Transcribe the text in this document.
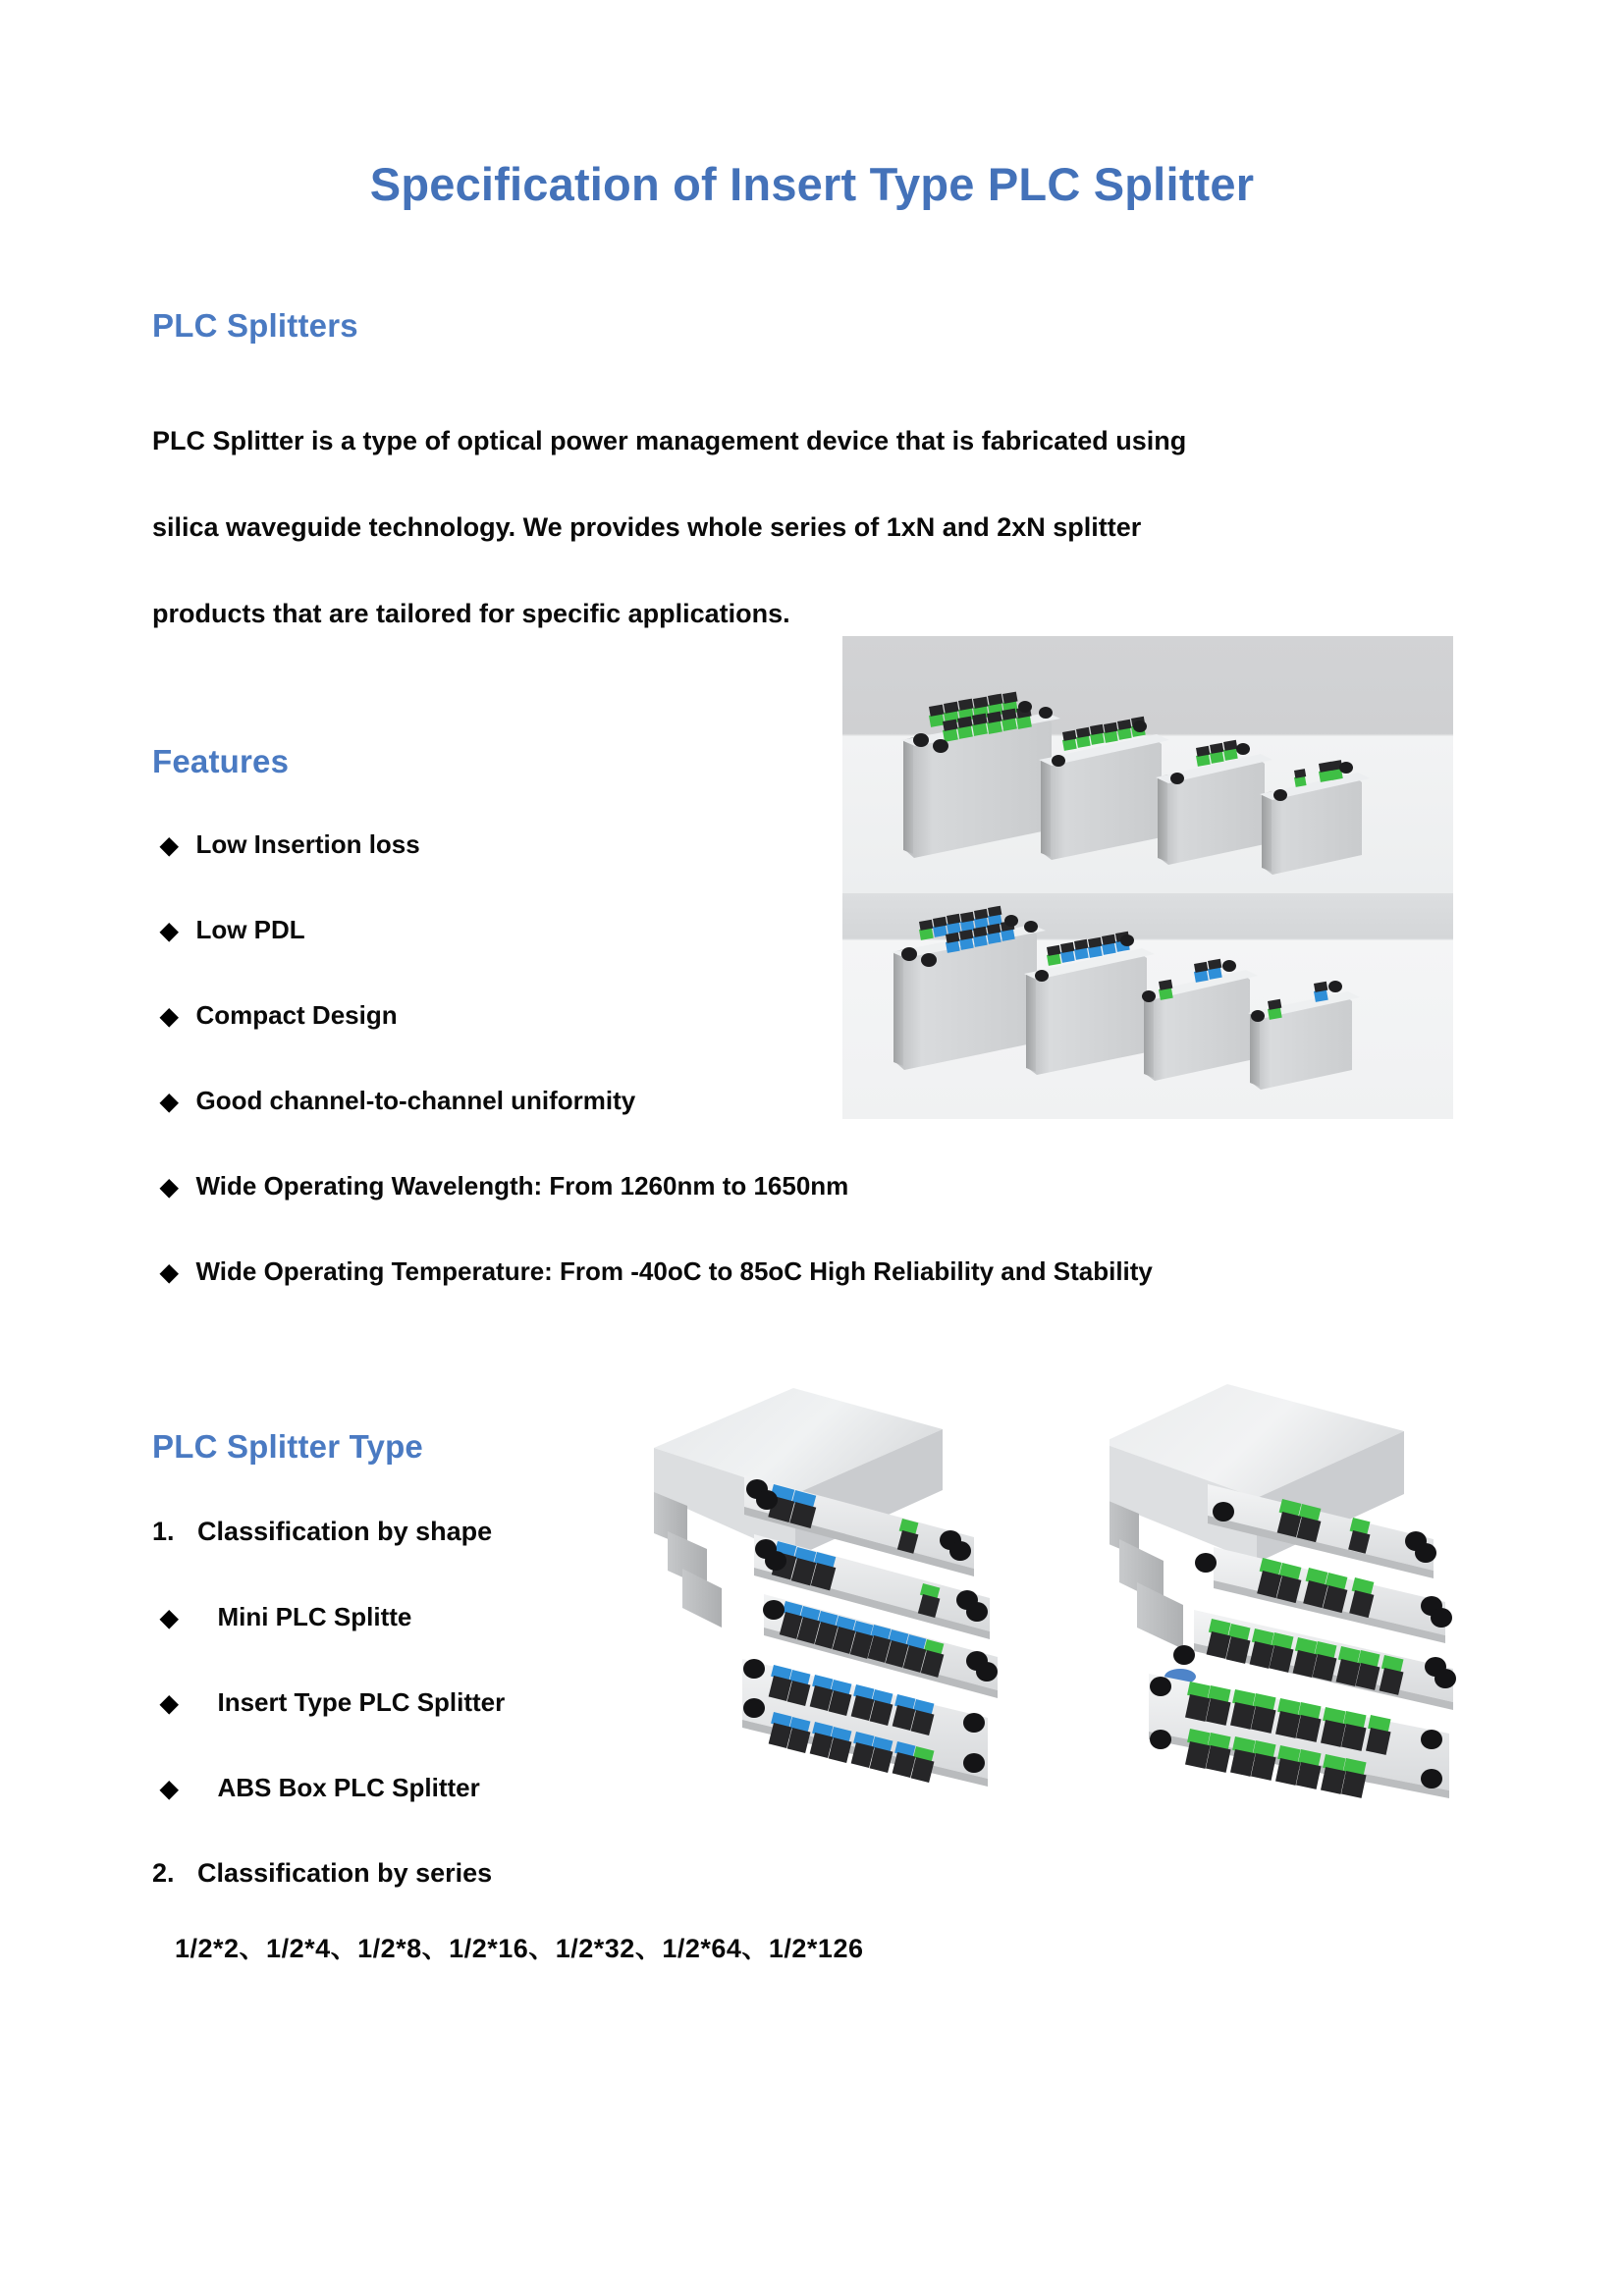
Specification of Insert Type PLC Splitter
PLC Splitters
PLC Splitter is a type of optical power management device that is fabricated using
silica waveguide technology. We provides whole series of 1xN and 2xN splitter
products that are tailored for specific applications.
Features
◆ Low Insertion loss
◆ Low PDL
◆ Compact Design
◆ Good channel-to-channel uniformity
◆ Wide Operating Wavelength: From 1260nm to 1650nm
◆ Wide Operating Temperature: From -40oC to 85oC High Reliability and Stability
PLC Splitter Type
1. Classification by shape
◆ Mini PLC Splitte
◆ Insert Type PLC Splitter
◆ ABS Box PLC Splitter
2. Classification by series
1/2*2、1/2*4、1/2*8、1/2*16、1/2*32、1/2*64、1/2*126
